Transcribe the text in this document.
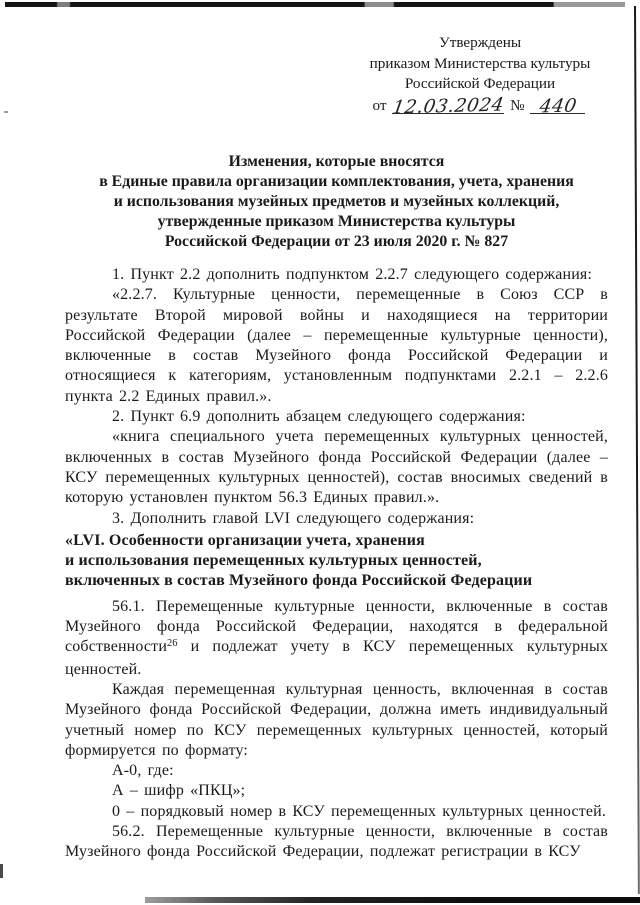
Утверждены
приказом Министерства культуры
Российской Федерации
от 12.03.2024 № 440
Изменения, которые вносятся
в Единые правила организации комплектования, учета, хранения
и использования музейных предметов и музейных коллекций,
утвержденные приказом Министерства культуры
Российской Федерации от 23 июля 2020 г. № 827

1. Пункт 2.2 дополнить подпунктом 2.2.7 следующего содержания:

«2.2.7. Культурные ценности, перемещенные в Союз ССР в результате Второй мировой войны и находящиеся на территории Российской Федерации (далее – перемещенные культурные ценности), включенные в состав Музейного фонда Российской Федерации и относящиеся к категориям, установленным подпунктами 2.2.1 – 2.2.6 пункта 2.2 Единых правил.».

2. Пункт 6.9 дополнить абзацем следующего содержания:

«книга специального учета перемещенных культурных ценностей, включенных в состав Музейного фонда Российской Федерации (далее – КСУ перемещенных культурных ценностей), состав вносимых сведений в которую установлен пунктом 56.3 Единых правил.».

3. Дополнить главой LVI следующего содержания:

«LVI. Особенности организации учета, хранения
и использования перемещенных культурных ценностей,
включенных в состав Музейного фонда Российской Федерации

56.1. Перемещенные культурные ценности, включенные в состав Музейного фонда Российской Федерации, находятся в федеральной собственности$^{26}$ и подлежат учету в КСУ перемещенных культурных ценностей.

Каждая перемещенная культурная ценность, включенная в состав Музейного фонда Российской Федерации, должна иметь индивидуальный учетный номер по КСУ перемещенных культурных ценностей, который формируется по формату:

А-0, где:

А – шифр «ПКЦ»;

0 – порядковый номер в КСУ перемещенных культурных ценностей.

56.2. Перемещенные культурные ценности, включенные в состав Музейного фонда Российской Федерации, подлежат регистрации в КСУ
